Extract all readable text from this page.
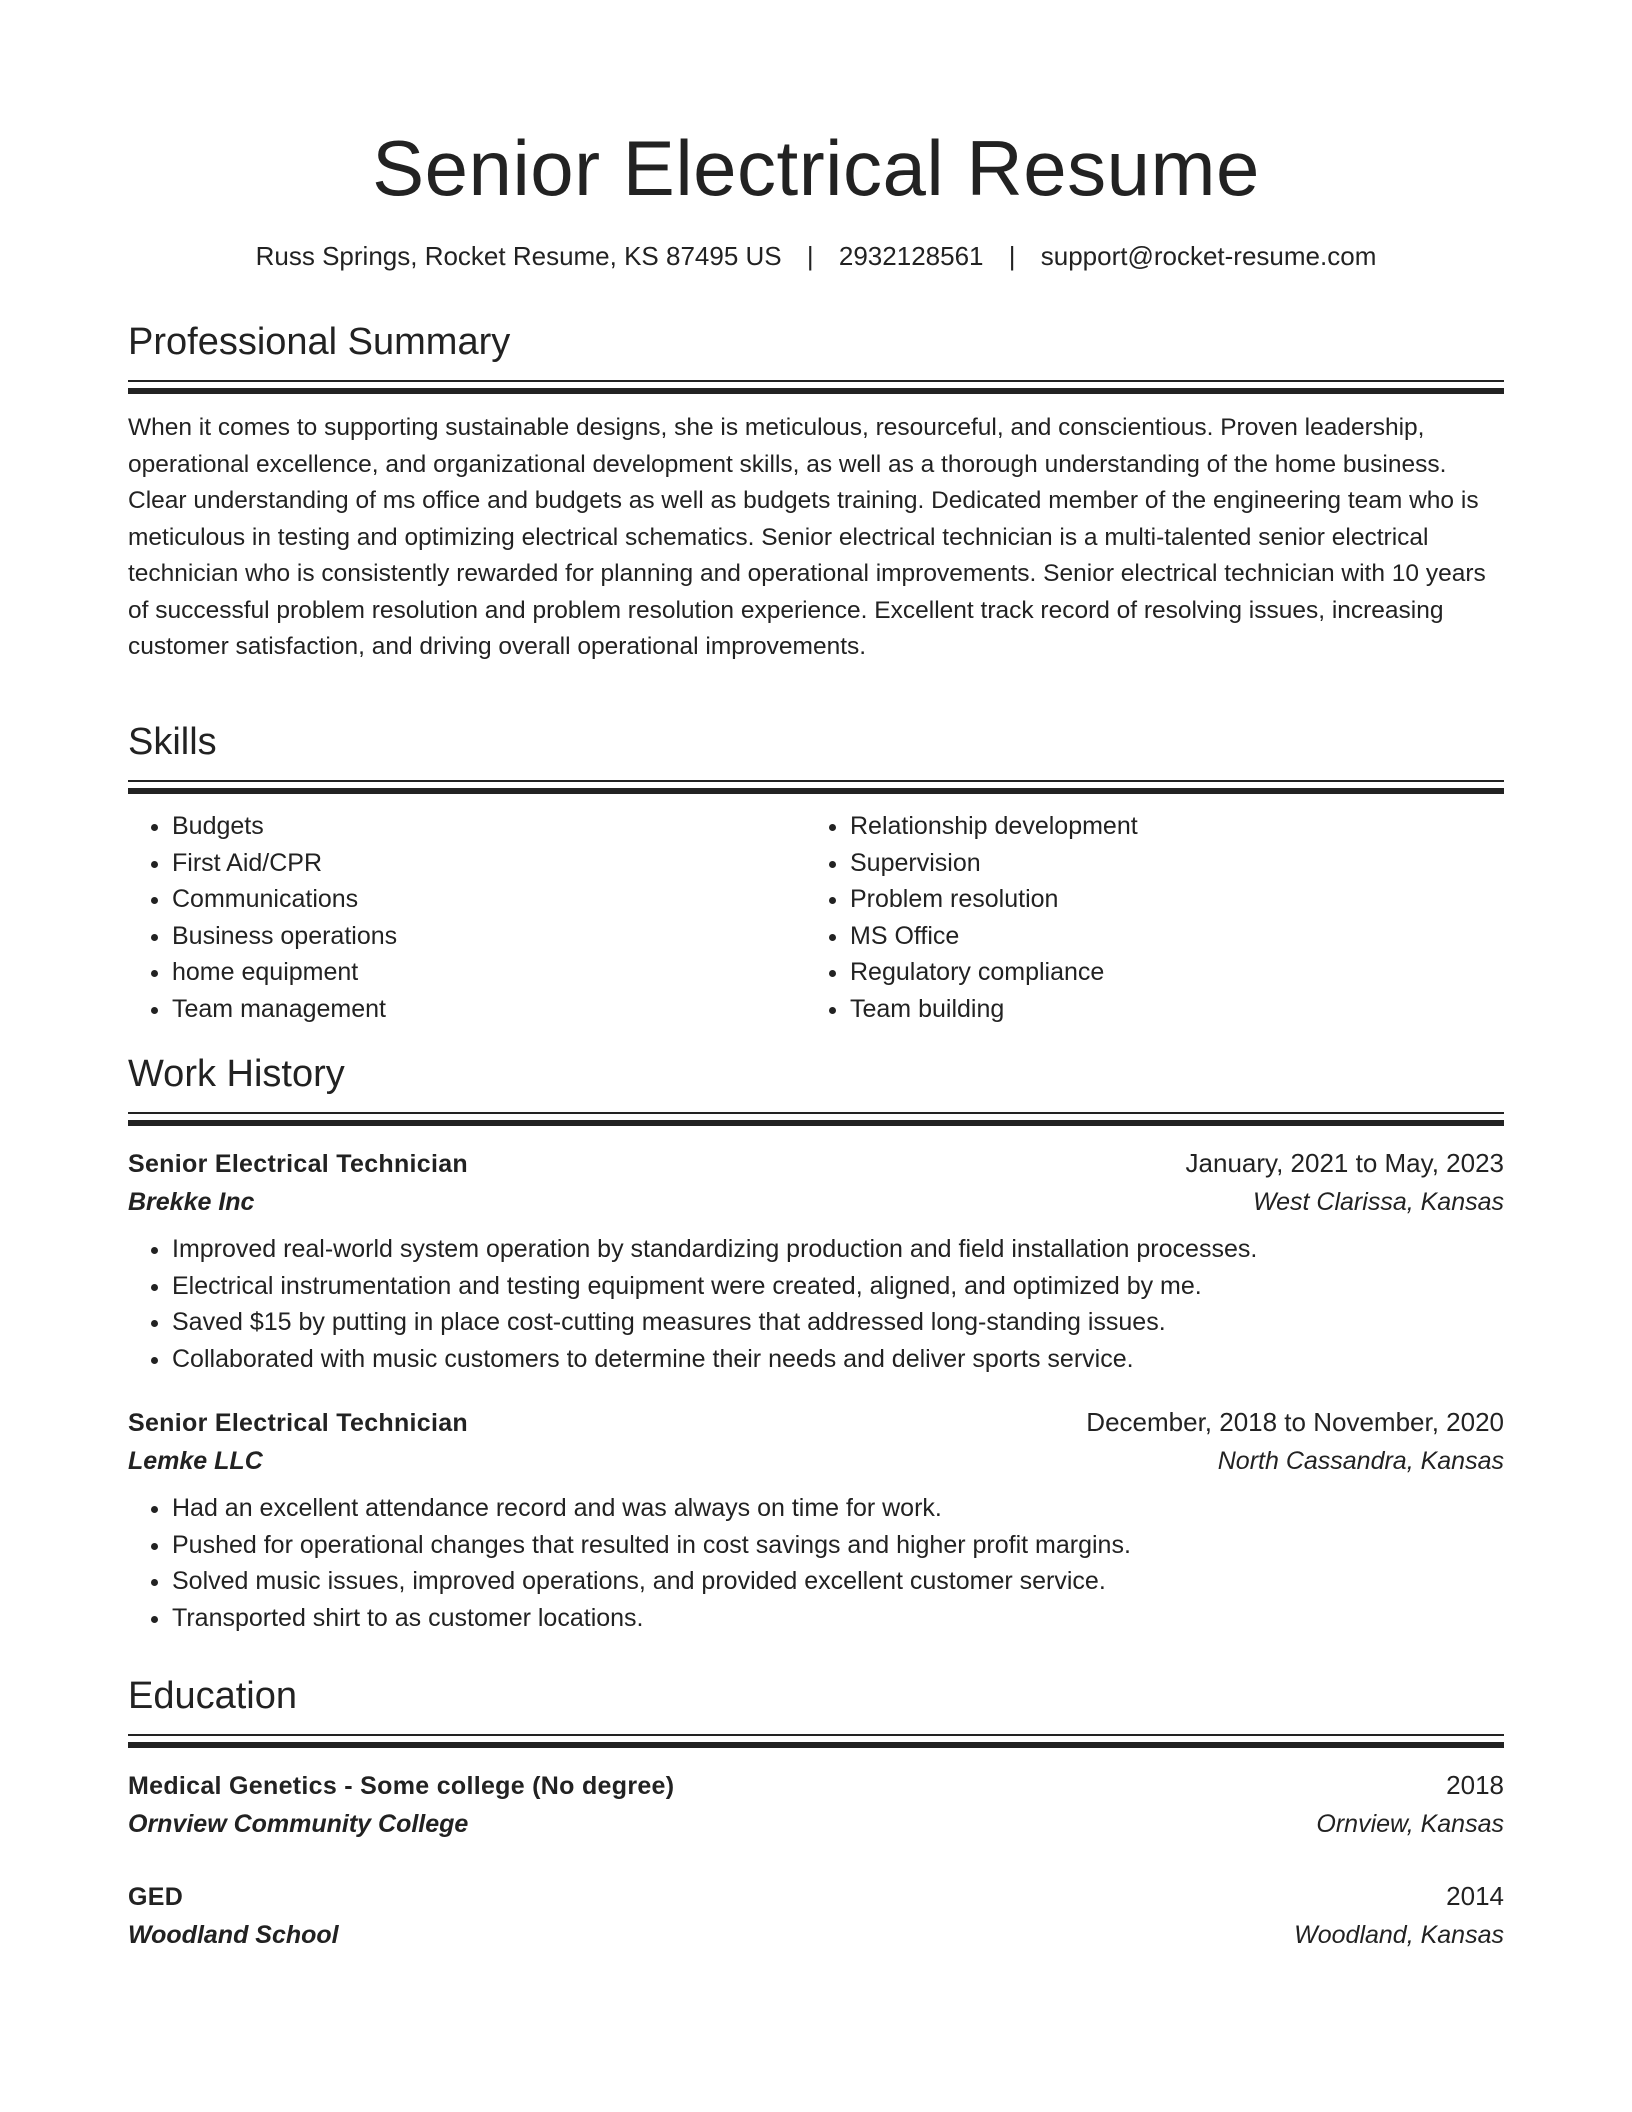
Senior Electrical Resume
Russ Springs, Rocket Resume, KS 87495 US | 2932128561 | support@rocket-resume.com
Professional Summary
When it comes to supporting sustainable designs, she is meticulous, resourceful, and conscientious. Proven leadership, operational excellence, and organizational development skills, as well as a thorough understanding of the home business. Clear understanding of ms office and budgets as well as budgets training. Dedicated member of the engineering team who is meticulous in testing and optimizing electrical schematics. Senior electrical technician is a multi-talented senior electrical technician who is consistently rewarded for planning and operational improvements. Senior electrical technician with 10 years of successful problem resolution and problem resolution experience. Excellent track record of resolving issues, increasing customer satisfaction, and driving overall operational improvements.
Skills
• Budgets
• First Aid/CPR
• Communications
• Business operations
• home equipment
• Team management
• Relationship development
• Supervision
• Problem resolution
• MS Office
• Regulatory compliance
• Team building
Work History
Senior Electrical Technician	January, 2021 to May, 2023
Brekke Inc	West Clarissa, Kansas
• Improved real-world system operation by standardizing production and field installation processes.
• Electrical instrumentation and testing equipment were created, aligned, and optimized by me.
• Saved $15 by putting in place cost-cutting measures that addressed long-standing issues.
• Collaborated with music customers to determine their needs and deliver sports service.
Senior Electrical Technician	December, 2018 to November, 2020
Lemke LLC	North Cassandra, Kansas
• Had an excellent attendance record and was always on time for work.
• Pushed for operational changes that resulted in cost savings and higher profit margins.
• Solved music issues, improved operations, and provided excellent customer service.
• Transported shirt to as customer locations.
Education
Medical Genetics - Some college (No degree)	2018
Ornview Community College	Ornview, Kansas
GED	2014
Woodland School	Woodland, Kansas
